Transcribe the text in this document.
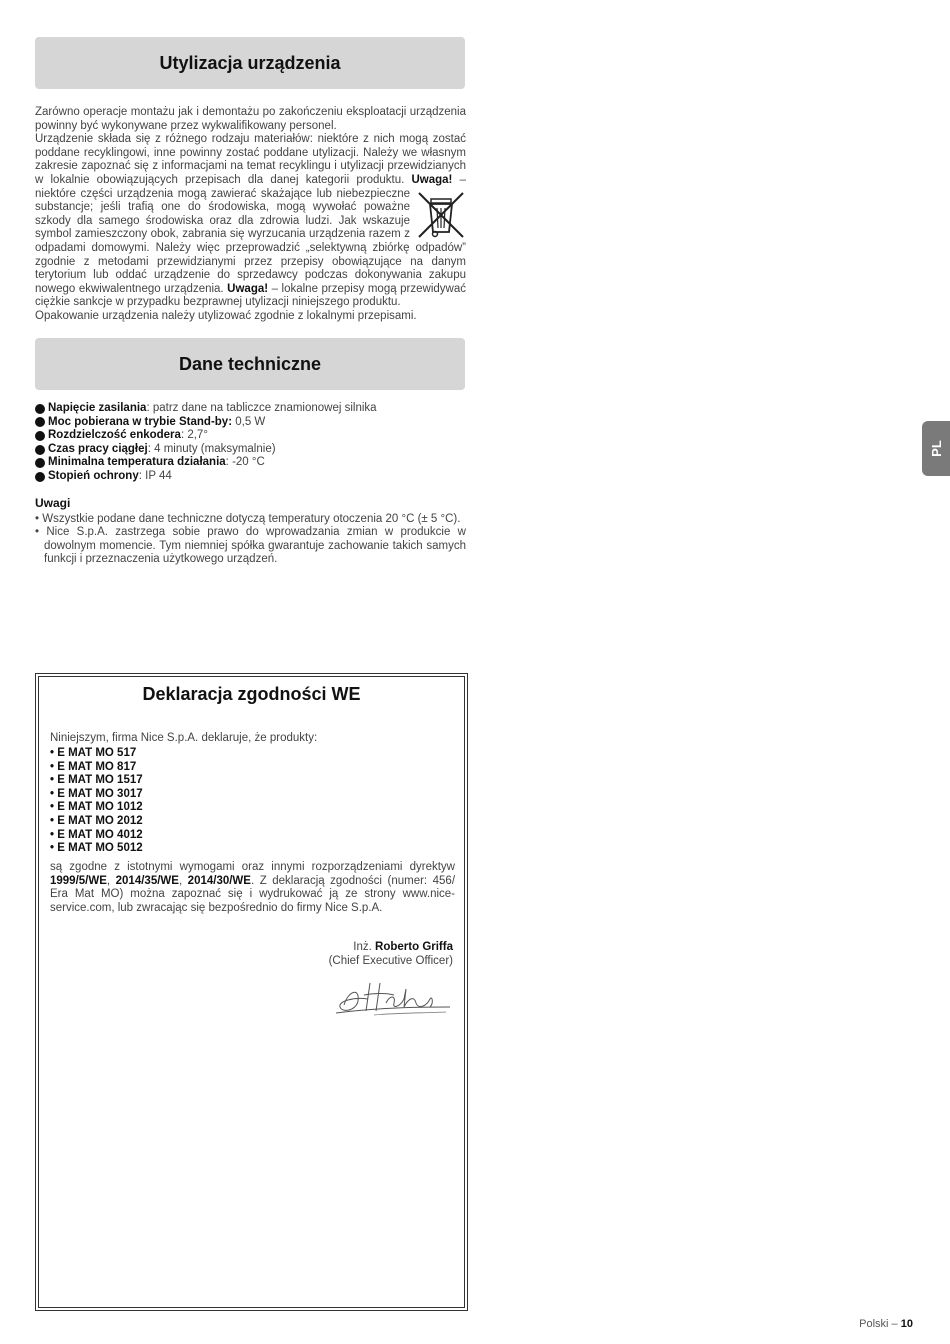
Utylizacja urządzenia

Zarówno operacje montażu jak i demontażu po zakończeniu eksploatacji urządzenia powinny być wykonywane przez wykwalifikowany personel.

Urządzenie składa się z różnego rodzaju materiałów: niektóre z nich mogą zostać poddane recyklingowi, inne powinny zostać poddane utylizacji. Należy we własnym zakresie zapoznać się z informacjami na temat recyklingu i utylizacji przewidzianych w lokalnie obowiązujących przepisach dla danej kategorii produktu. Uwaga! – niektóre części urządzenia mogą zawierać skażające lub niebezpieczne substancje; jeśli trafią one do środowiska, mogą wywołać poważne szkody dla samego środowiska oraz dla zdrowia ludzi. Jak wskazuje symbol zamieszczony obok, zabrania się wyrzucania urządzenia razem z odpadami domowymi. Należy więc przeprowadzić „selektywną zbiórkę odpadów” zgodnie z metodami przewidzianymi przez przepisy obowiązujące na danym terytorium lub oddać urządzenie do sprzedawcy podczas dokonywania zakupu nowego ekwiwalentnego urządzenia. Uwaga! – lokalne przepisy mogą przewidywać ciężkie sankcje w przypadku bezprawnej utylizacji niniejszego produktu.

Opakowanie urządzenia należy utylizować zgodnie z lokalnymi przepisami.

Dane techniczne
Napięcie zasilania : patrz dane na tabliczce znamionowej silnika
Moc pobierana w trybie Stand-by:
0,5 W
Rozdzielczość enkodera : 2,7°
Czas pracy ciągłej : 4 minuty (maksymalnie)
Minimalna temperatura działania : -20 °C
Stopień ochrony : IP 44
Uwagi

• Wszystkie podane dane techniczne dotyczą temperatury otoczenia 20 °C (± 5 °C).

• Nice S.p.A. zastrzega sobie prawo do wprowadzania zmian w produkcie w dowolnym momencie. Tym niemniej spółka gwarantuje zachowanie takich samych funkcji i przeznaczenia użytkowego urządzeń.

Deklaracja zgodności WE

Niniejszym, firma Nice S.p.A. deklaruje, że produkty:

• E MAT MO 517
• E MAT MO 817
• E MAT MO 1517
• E MAT MO 3017
• E MAT MO 1012
• E MAT MO 2012
• E MAT MO 4012
• E MAT MO 5012

są zgodne z istotnymi wymogami oraz innymi rozporządzeniami dyrektyw 1999/5/WE, 2014/35/WE, 2014/30/WE. Z deklaracją zgodności (numer: 456/ Era Mat MO) można zapoznać się i wydrukować ją ze strony www.nice-service.com, lub zwracając się bezpośrednio do firmy Nice S.p.A.

Inż. Roberto Griffa
(Chief Executive Officer)
PL
Polski – 10
